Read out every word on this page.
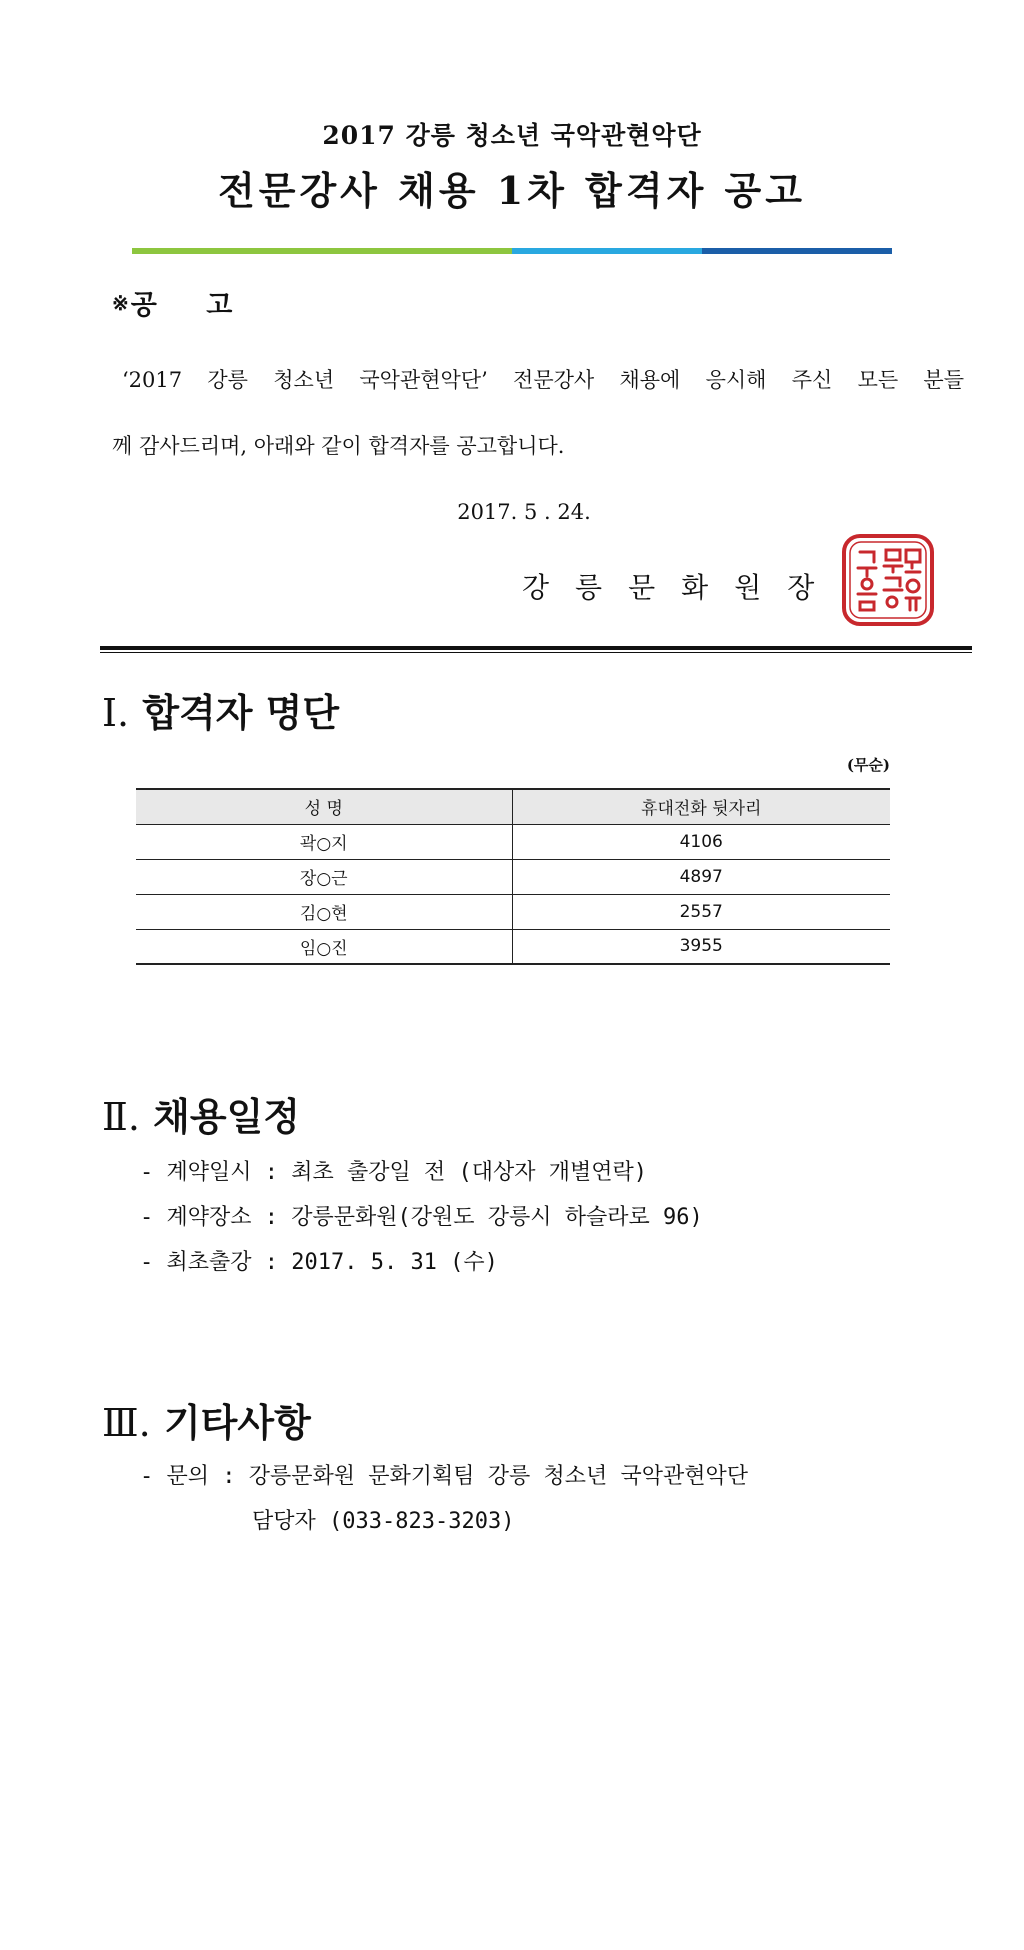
2017 강릉 청소년 국악관현악단
전문강사 채용 1차 합격자 공고
※공 고
‘2017 강릉 청소년 국악관현악단’ 전문강사 채용에 응시해 주신 모든 분들
께 감사드리며, 아래와 같이 합격자를 공고합니다.
2017. 5 . 24.
강릉문화원장
Ⅰ. 합격자 명단
(무순)
성 명	휴대전화 뒷자리
곽○지	4106
장○근	4897
김○현	2557
임○진	3955
Ⅱ. 채용일정
- 계약일시 : 최초 출강일 전 (대상자 개별연락)
- 계약장소 : 강릉문화원(강원도 강릉시 하슬라로 96)
- 최초출강 : 2017. 5. 31 (수)
Ⅲ. 기타사항
- 문의 : 강릉문화원 문화기획팀 강릉 청소년 국악관현악단
담당자 (033-823-3203)
